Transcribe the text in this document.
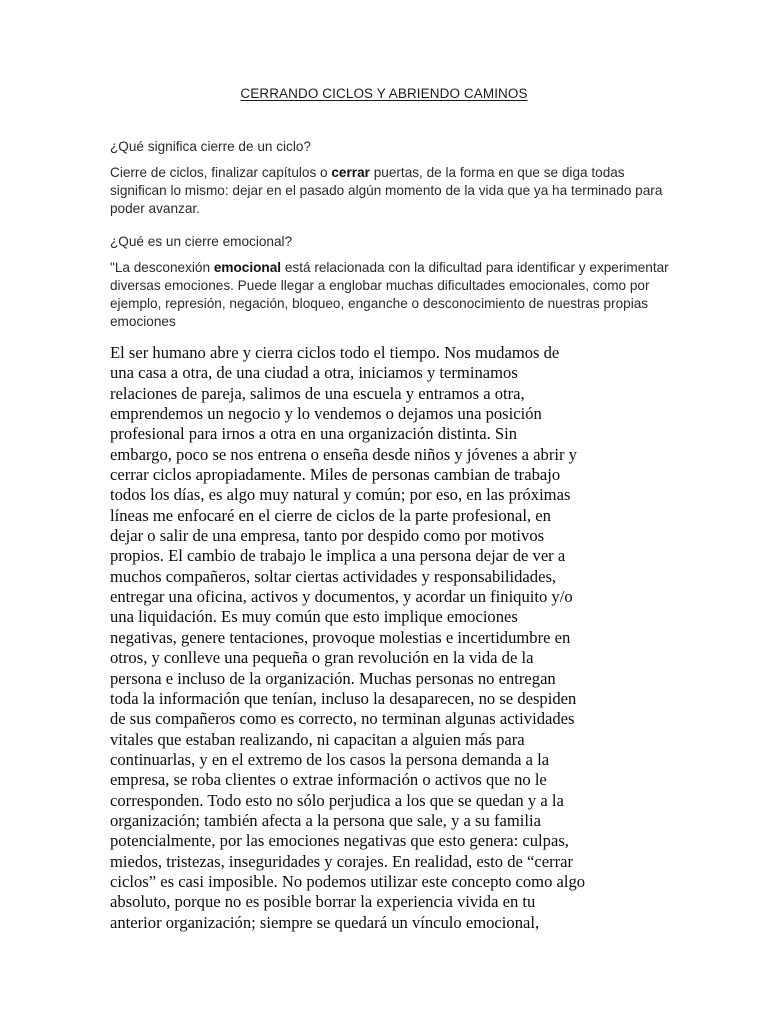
CERRANDO CICLOS Y ABRIENDO CAMINOS
¿Qué significa cierre de un ciclo?
Cierre de ciclos, finalizar capítulos o cerrar puertas, de la forma en que se diga todas significan lo mismo: dejar en el pasado algún momento de la vida que ya ha terminado para poder avanzar.
¿Qué es un cierre emocional?
"La desconexión emocional está relacionada con la dificultad para identificar y experimentar diversas emociones. Puede llegar a englobar muchas dificultades emocionales, como por ejemplo, represión, negación, bloqueo, enganche o desconocimiento de nuestras propias emociones
El ser humano abre y cierra ciclos todo el tiempo. Nos mudamos de
una casa a otra, de una ciudad a otra, iniciamos y terminamos
relaciones de pareja, salimos de una escuela y entramos a otra,
emprendemos un negocio y lo vendemos o dejamos una posición
profesional para irnos a otra en una organización distinta. Sin
embargo, poco se nos entrena o enseña desde niños y jóvenes a abrir y
cerrar ciclos apropiadamente. Miles de personas cambian de trabajo
todos los días, es algo muy natural y común; por eso, en las próximas
líneas me enfocaré en el cierre de ciclos de la parte profesional, en
dejar o salir de una empresa, tanto por despido como por motivos
propios. El cambio de trabajo le implica a una persona dejar de ver a
muchos compañeros, soltar ciertas actividades y responsabilidades,
entregar una oficina, activos y documentos, y acordar un finiquito y/o
una liquidación. Es muy común que esto implique emociones
negativas, genere tentaciones, provoque molestias e incertidumbre en
otros, y conlleve una pequeña o gran revolución en la vida de la
persona e incluso de la organización. Muchas personas no entregan
toda la información que tenían, incluso la desaparecen, no se despiden
de sus compañeros como es correcto, no terminan algunas actividades
vitales que estaban realizando, ni capacitan a alguien más para
continuarlas, y en el extremo de los casos la persona demanda a la
empresa, se roba clientes o extrae información o activos que no le
corresponden. Todo esto no sólo perjudica a los que se quedan y a la
organización; también afecta a la persona que sale, y a su familia
potencialmente, por las emociones negativas que esto genera: culpas,
miedos, tristezas, inseguridades y corajes. En realidad, esto de “cerrar
ciclos” es casi imposible. No podemos utilizar este concepto como algo
absoluto, porque no es posible borrar la experiencia vivida en tu
anterior organización; siempre se quedará un vínculo emocional,
